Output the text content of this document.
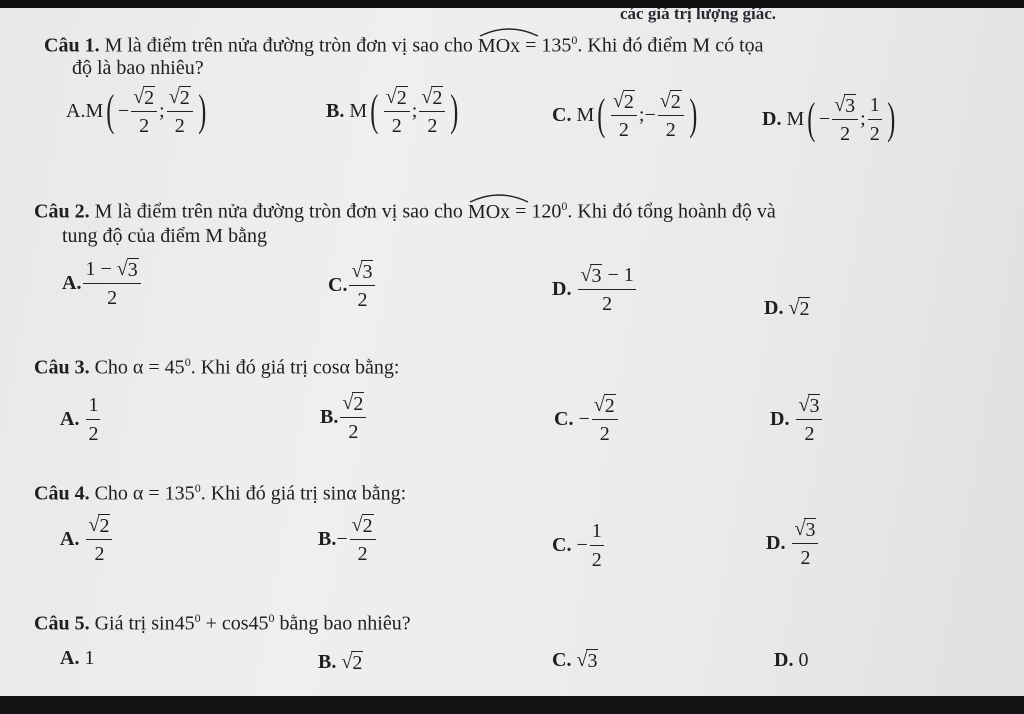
các giá trị lượng giác.
Câu 1. M là điểm trên nửa đường tròn đơn vị sao cho
MOx = $135^0$. Khi đó điểm M có tọa
độ là bao nhiêu?
A. M ( − $\frac{√ 2}{2}$ ; $\frac{√ 2}{2}$ )	B.
M ( $\frac{√ 2}{2}$ ; $\frac{√ 2}{2}$ )	C.
M ( $\frac{√ 2}{2}$ ; − $\frac{√ 2}{2}$ )	D.
M ( − $\frac{√ 3}{2}$ ; $\frac{1}{2}$ )
Câu 2. M là điểm trên nửa đường tròn đơn vị sao cho
MOx = $120^0$. Khi đó tổng hoành độ và
tung độ của điểm M bằng
A. $\frac{1 - √ 3}{2}$	C. $\frac{√ 3}{2}$	D.
$\frac{√ 3 - 1}{2}$	D.
√ 2
Câu 3. Cho $\alpha = 45^0$. Khi đó giá trị cosα bằng:
A.
$\frac{1}{2}$	B. $\frac{√ 2}{2}$	C.
− $\frac{√ 2}{2}$	D.
$\frac{√ 3}{2}$
Câu 4. Cho $\alpha = 135^0$. Khi đó giá trị sinα bằng:
A.
$\frac{√ 2}{2}$	B. − $\frac{√ 2}{2}$	C.
− $\frac{1}{2}$	D.
$\frac{√ 3}{2}$
Câu 5. Giá trị $\sin 45^0 + \cos 45^0$ bằng bao nhiêu?
A. 1	B.
√ 2	C.
√ 3	D. 0
